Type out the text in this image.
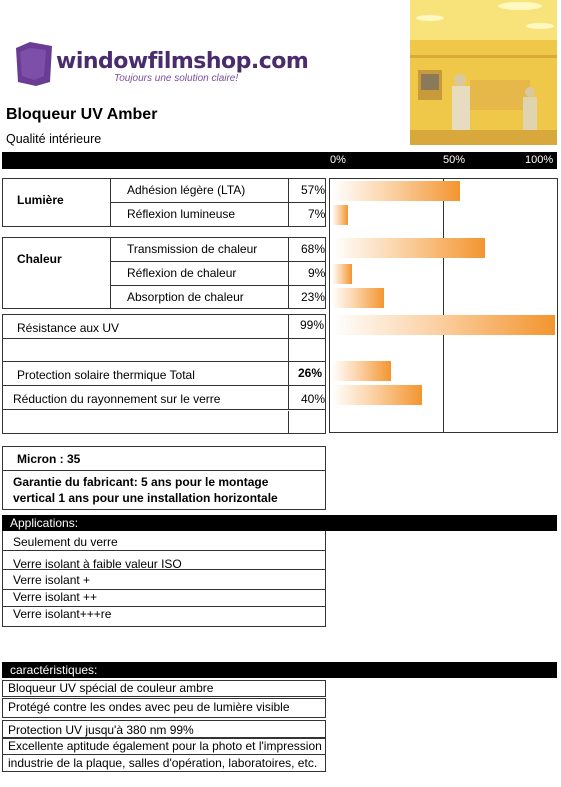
windowfilmshop.com
Toujours une solution claire!
Bloqueur UV Amber
Qualité intérieure
0%	50%	100%
Lumière
Adhésion légère (LTA)	57%
Réflexion lumineuse	7%
Chaleur
Transmission de chaleur	68%
Réflexion de chaleur	9%
Absorption de chaleur	23%
Résistance aux UV	99%
Protection solaire thermique Total	26%
Réduction du rayonnement sur le verre	40%
Micron : 35
Garantie du fabricant: 5 ans pour le montage
vertical 1 ans pour une installation horizontale
Applications:
Seulement du verre
Verre isolant à faible valeur ISO
Verre isolant +
Verre isolant ++
Verre isolant+++re
caractéristiques:
Bloqueur UV spécial de couleur ambre
Protégé contre les ondes avec peu de lumière visible
Protection UV jusqu'à 380 nm 99%
Excellente aptitude également pour la photo et l'impression
industrie de la plaque, salles d'opération, laboratoires, etc.
